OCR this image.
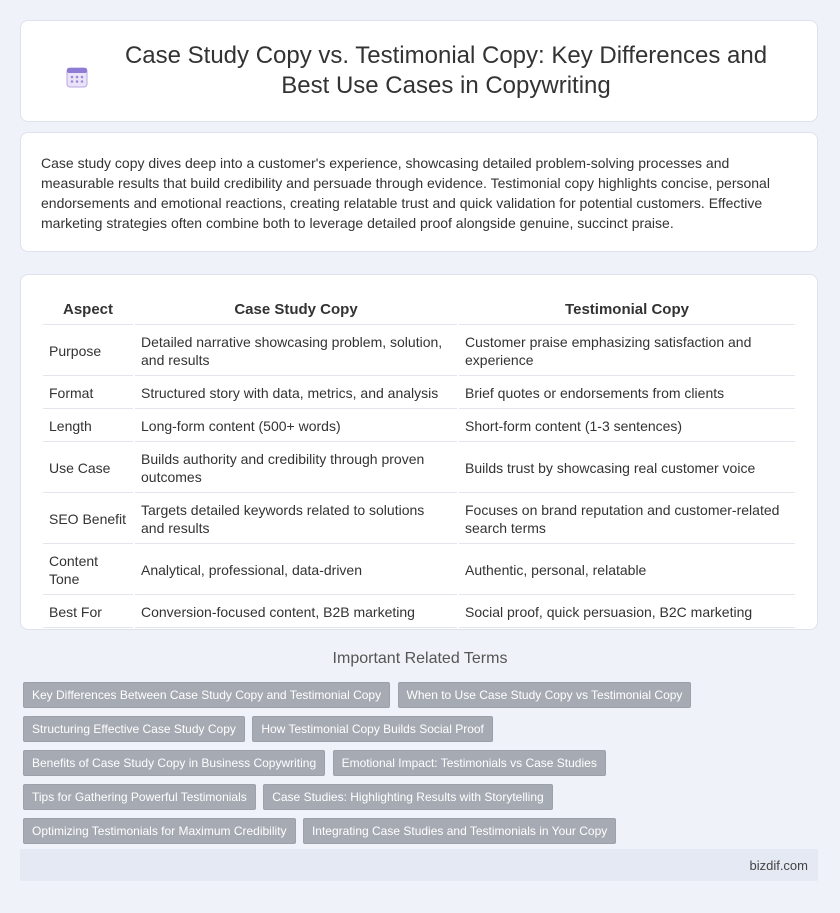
Case Study Copy vs. Testimonial Copy: Key Differences and Best Use Cases in Copywriting

Case study copy dives deep into a customer's experience, showcasing detailed problem-solving processes and measurable results that build credibility and persuade through evidence. Testimonial copy highlights concise, personal endorsements and emotional reactions, creating relatable trust and quick validation for potential customers. Effective marketing strategies often combine both to leverage detailed proof alongside genuine, succinct praise.

Aspect	Case Study Copy	Testimonial Copy
Purpose	Detailed narrative showcasing problem, solution, and results	Customer praise emphasizing satisfaction and experience
Format	Structured story with data, metrics, and analysis	Brief quotes or endorsements from clients
Length	Long-form content (500+ words)	Short-form content (1-3 sentences)
Use Case	Builds authority and credibility through proven outcomes	Builds trust by showcasing real customer voice
SEO Benefit	Targets detailed keywords related to solutions and results	Focuses on brand reputation and customer-related search terms
Content Tone	Analytical, professional, data-driven	Authentic, personal, relatable
Best For	Conversion-focused content, B2B marketing	Social proof, quick persuasion, B2C marketing
Important Related Terms
Key Differences Between Case Study Copy and Testimonial Copy When to Use Case Study Copy vs Testimonial Copy Structuring Effective Case Study Copy How Testimonial Copy Builds Social Proof Benefits of Case Study Copy in Business Copywriting Emotional Impact: Testimonials vs Case Studies Tips for Gathering Powerful Testimonials Case Studies: Highlighting Results with Storytelling Optimizing Testimonials for Maximum Credibility Integrating Case Studies and Testimonials in Your Copy
bizdif.com
